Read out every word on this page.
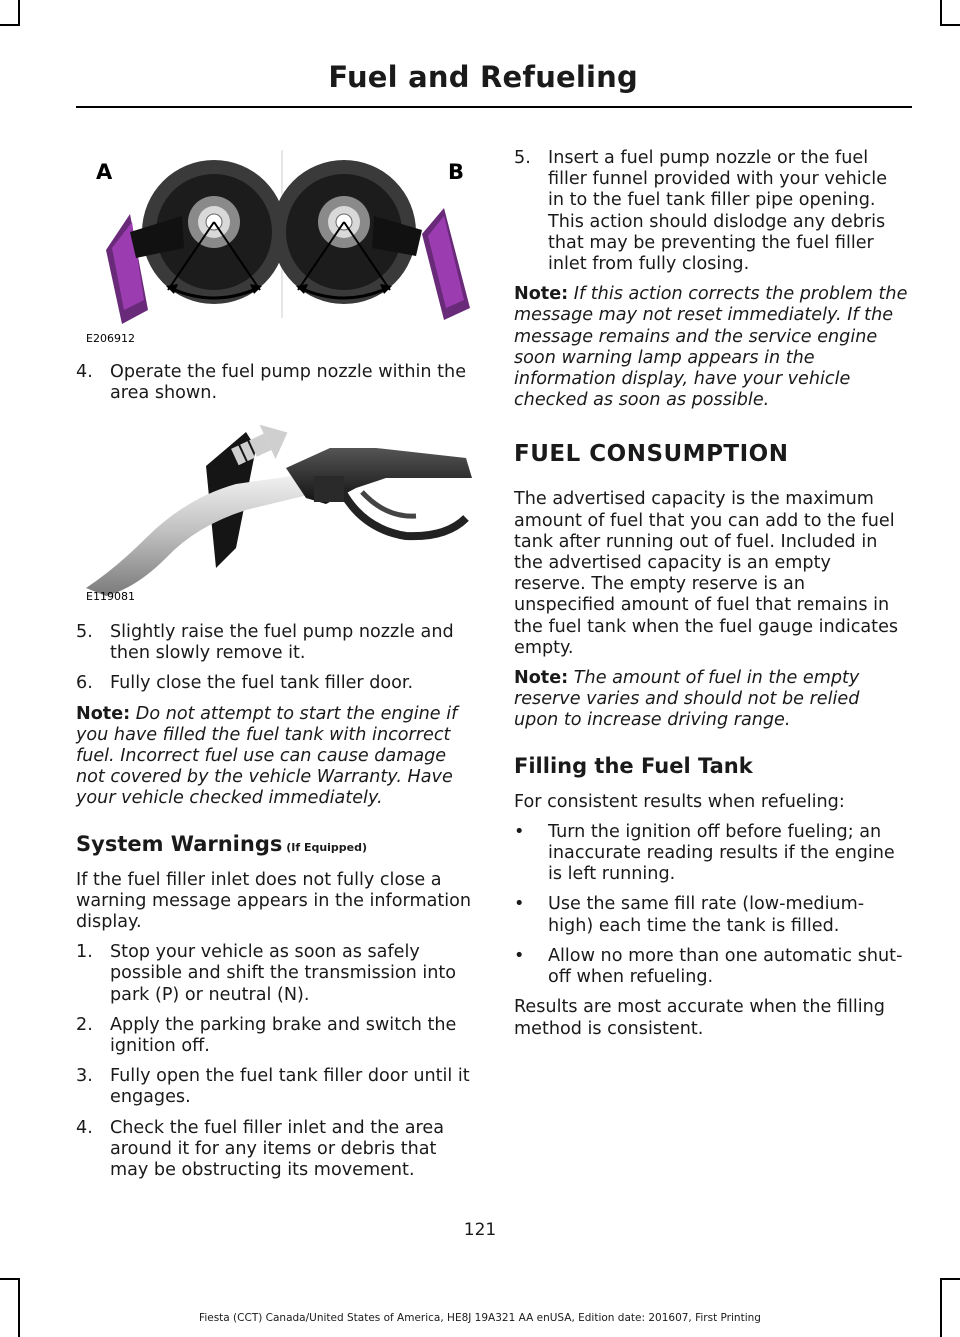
Fuel and Refueling
A	B
E206912
4. Operate the fuel pump nozzle within the area shown.
E119081
5. Slightly raise the fuel pump nozzle and then slowly remove it.
6. Fully close the fuel tank filler door.

Note: Do not attempt to start the engine if you have filled the fuel tank with incorrect fuel. Incorrect fuel use can cause damage not covered by the vehicle Warranty. Have your vehicle checked immediately.

System Warnings (If Equipped)

If the fuel filler inlet does not fully close a warning message appears in the information display.

1. Stop your vehicle as soon as safely possible and shift the transmission into park (P) or neutral (N).
2. Apply the parking brake and switch the ignition off.
3. Fully open the fuel tank filler door until it engages.
4. Check the fuel filler inlet and the area around it for any items or debris that may be obstructing its movement.
5. Insert a fuel pump nozzle or the fuel filler funnel provided with your vehicle in to the fuel tank filler pipe opening. This action should dislodge any debris that may be preventing the fuel filler inlet from fully closing.

Note: If this action corrects the problem the message may not reset immediately. If the message remains and the service engine soon warning lamp appears in the information display, have your vehicle checked as soon as possible.

FUEL CONSUMPTION

The advertised capacity is the maximum amount of fuel that you can add to the fuel tank after running out of fuel. Included in the advertised capacity is an empty reserve. The empty reserve is an unspecified amount of fuel that remains in the fuel tank when the fuel gauge indicates empty.

Note: The amount of fuel in the empty reserve varies and should not be relied upon to increase driving range.

Filling the Fuel Tank

For consistent results when refueling:

• Turn the ignition off before fueling; an inaccurate reading results if the engine is left running.
• Use the same fill rate (low-medium-high) each time the tank is filled.
• Allow no more than one automatic shut-off when refueling.

Results are most accurate when the filling method is consistent.

121
Fiesta (CCT) Canada/United States of America, HE8J 19A321 AA enUSA, Edition date: 201607, First Printing
